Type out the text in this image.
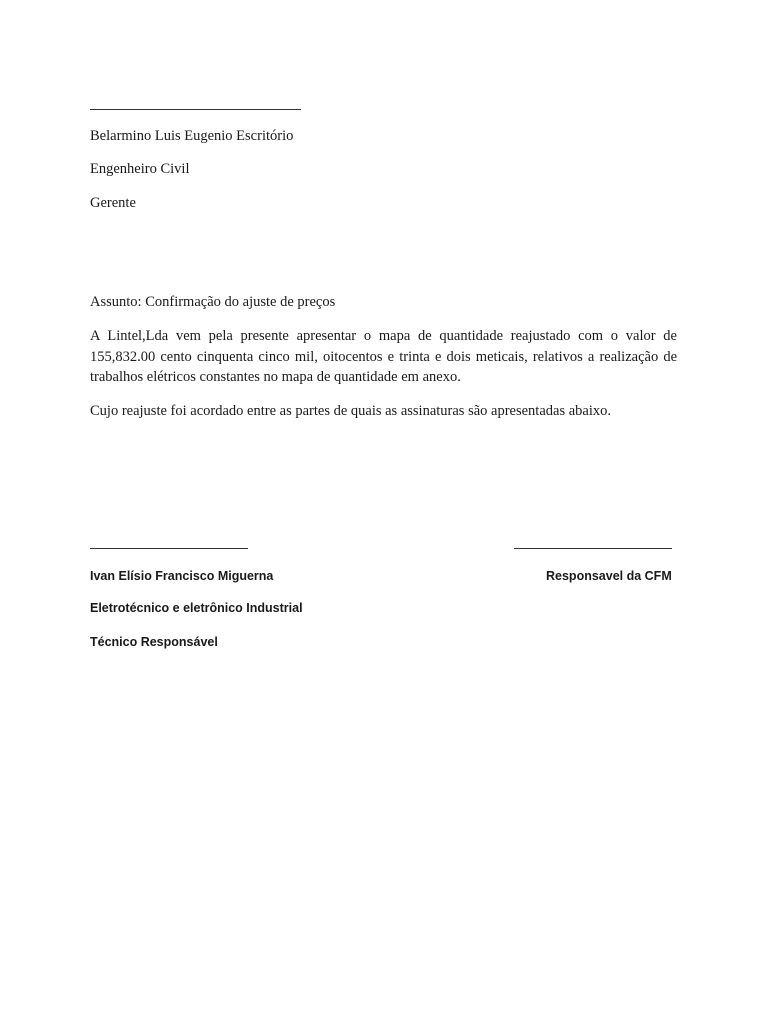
Belarmino Luis Eugenio Escritório

Engenheiro Civil

Gerente

Assunto: Confirmação do ajuste de preços

A Lintel,Lda vem pela presente apresentar o mapa de quantidade reajustado com o valor de 155,832.00 cento cinquenta cinco mil, oitocentos e trinta e dois meticais, relativos a realização de trabalhos elétricos constantes no mapa de quantidade em anexo.

Cujo reajuste foi acordado entre as partes de quais as assinaturas são apresentadas abaixo.

Ivan Elísio Francisco Miguerna	Responsavel da CFM

Eletrotécnico e eletrônico Industrial

Técnico Responsável
